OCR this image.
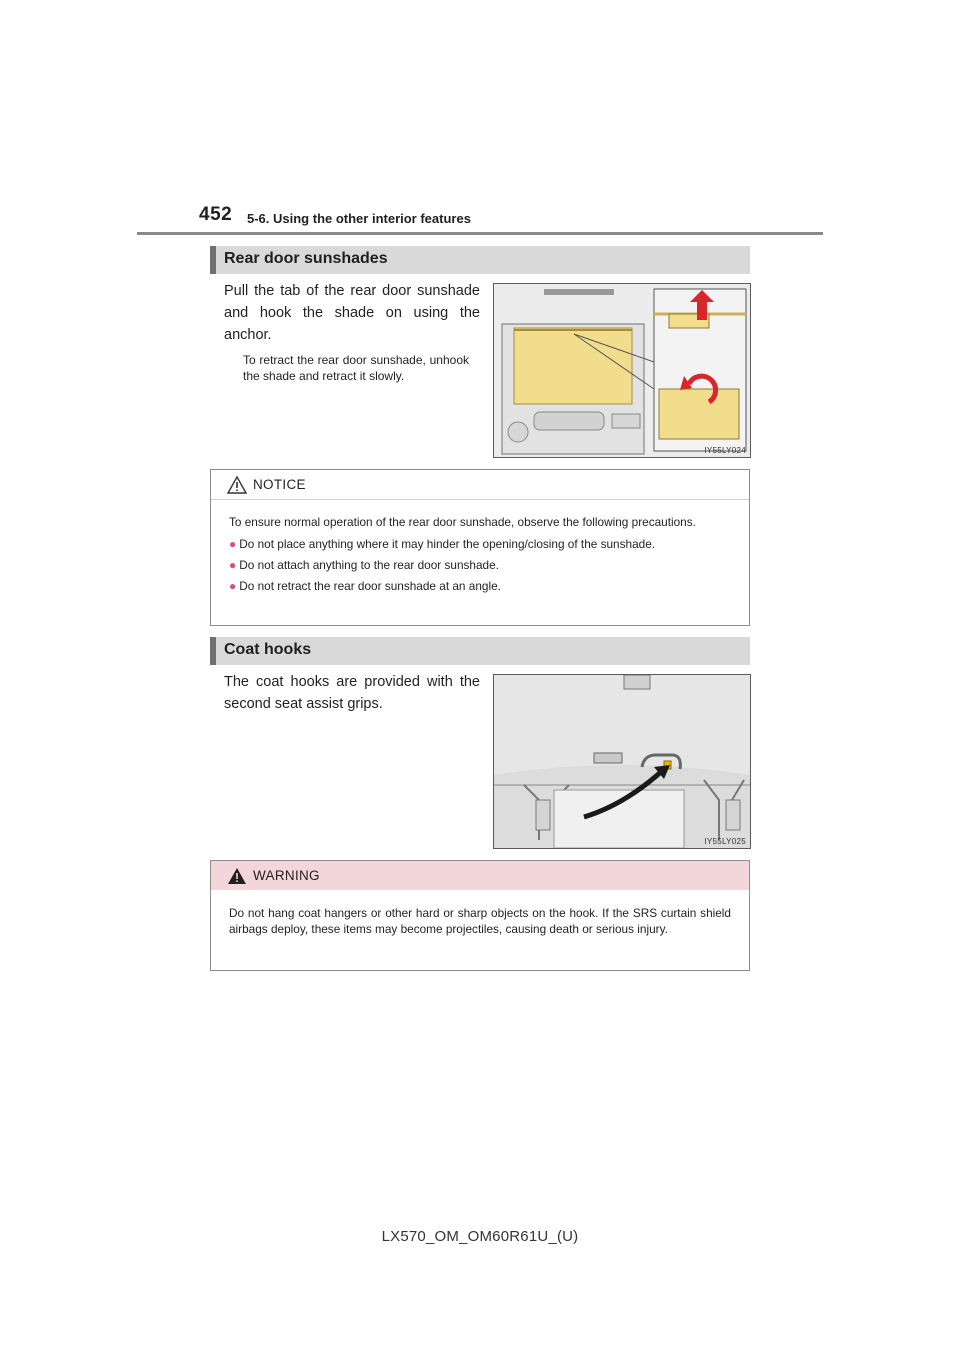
452 5-6. Using the other interior features
Rear door sunshades
Pull the tab of the rear door sunshade and hook the shade on using the anchor.
To retract the rear door sunshade, unhook the shade and retract it slowly.
IY55LY024
NOTICE
To ensure normal operation of the rear door sunshade, observe the following precautions.
● Do not place anything where it may hinder the opening/closing of the sunshade.
● Do not attach anything to the rear door sunshade.
● Do not retract the rear door sunshade at an angle.
Coat hooks
The coat hooks are provided with the second seat assist grips.
IY55LY025
WARNING
Do not hang coat hangers or other hard or sharp objects on the hook. If the SRS curtain shield airbags deploy, these items may become projectiles, causing death or serious injury.
LX570_OM_OM60R61U_(U)
